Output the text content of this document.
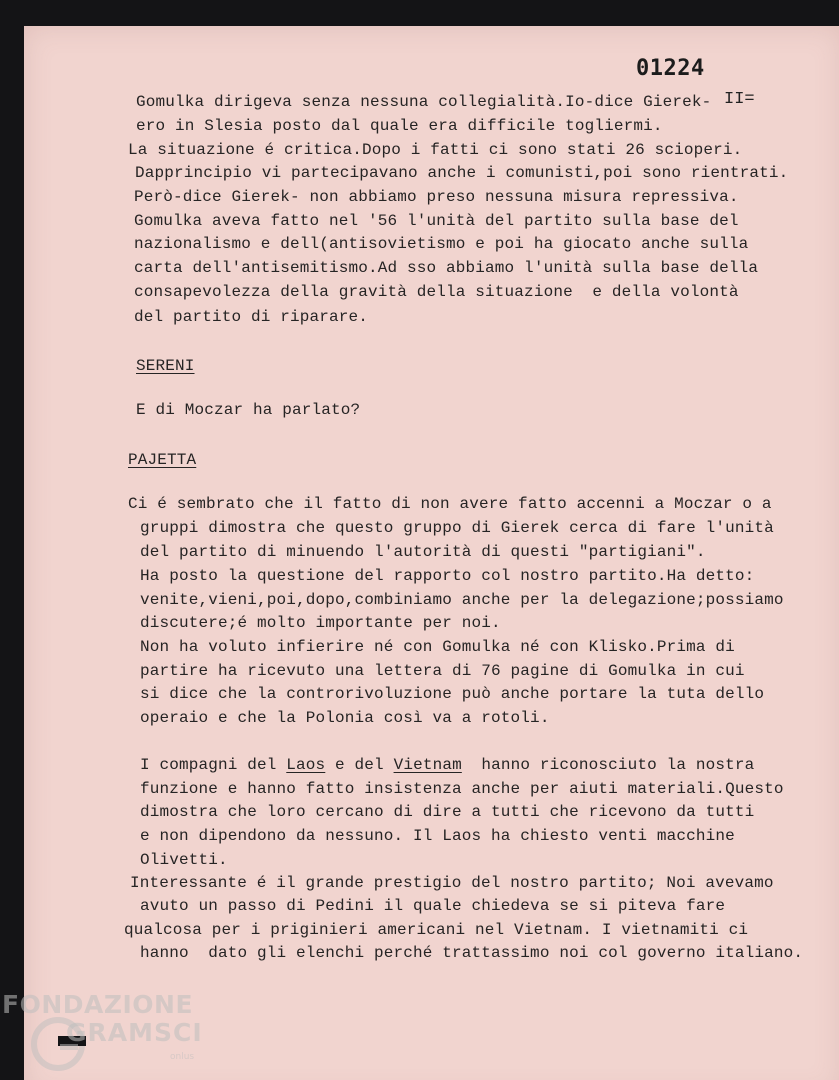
01224
II=
Gomulka dirigeva senza nessuna collegialità.Io-dice Gierek-
ero in Slesia posto dal quale era difficile togliermi.
La situazione é critica.Dopo i fatti ci sono stati 26 scioperi.
Dapprincipio vi partecipavano anche i comunisti,poi sono rientrati.
Però-dice Gierek- non abbiamo preso nessuna misura repressiva.
Gomulka aveva fatto nel '56 l'unità del partito sulla base del
nazionalismo e dell(antisovietismo e poi ha giocato anche sulla
carta dell'antisemitismo.Ad sso abbiamo l'unità sulla base della
consapevolezza della gravità della situazione  e della volontà
del partito di riparare.
SERENI
E di Moczar ha parlato?
PAJETTA
Ci é sembrato che il fatto di non avere fatto accenni a Moczar o a
gruppi dimostra che questo gruppo di Gierek cerca di fare l'unità
del partito di minuendo l'autorità di questi "partigiani".
Ha posto la questione del rapporto col nostro partito.Ha detto:
venite,vieni,poi,dopo,combiniamo anche per la delegazione;possiamo
discutere;é molto importante per noi.
Non ha voluto infierire né con Gomulka né con Klisko.Prima di
partire ha ricevuto una lettera di 76 pagine di Gomulka in cui
si dice che la controrivoluzione può anche portare la tuta dello
operaio e che la Polonia così va a rotoli.
I compagni del Laos e del Vietnam  hanno riconosciuto la nostra
funzione e hanno fatto insistenza anche per aiuti materiali.Questo
dimostra che loro cercano di dire a tutti che ricevono da tutti
e non dipendono da nessuno. Il Laos ha chiesto venti macchine
Olivetti.
Interessante é il grande prestigio del nostro partito; Noi avevamo
avuto un passo di Pedini il quale chiedeva se si piteva fare
qualcosa per i priginieri americani nel Vietnam. I vietnamiti ci
hanno  dato gli elenchi perché trattassimo noi col governo italiano.
FONDAZIONE
GRAMSCI
onlus
